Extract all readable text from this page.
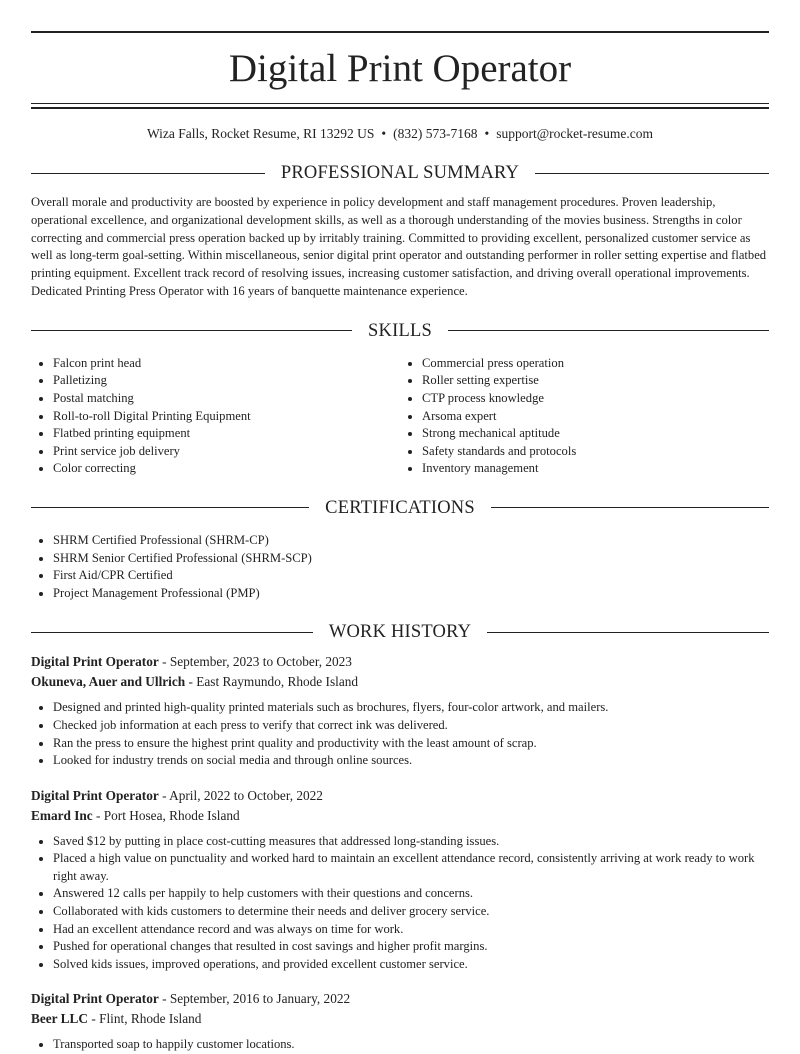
Digital Print Operator
Wiza Falls, Rocket Resume, RI 13292 US • (832) 573-7168 • support@rocket-resume.com
PROFESSIONAL SUMMARY

Overall morale and productivity are boosted by experience in policy development and staff management procedures. Proven leadership, operational excellence, and organizational development skills, as well as a thorough understanding of the movies business. Strengths in color correcting and commercial press operation backed up by irritably training. Committed to providing excellent, personalized customer service as well as long-term goal-setting. Within miscellaneous, senior digital print operator and outstanding performer in roller setting expertise and flatbed printing equipment. Excellent track record of resolving issues, increasing customer satisfaction, and driving overall operational improvements. Dedicated Printing Press Operator with 16 years of banquette maintenance experience.

SKILLS
• Falcon print head
• Palletizing
• Postal matching
• Roll-to-roll Digital Printing Equipment
• Flatbed printing equipment
• Print service job delivery
• Color correcting
• Commercial press operation
• Roller setting expertise
• CTP process knowledge
• Arsoma expert
• Strong mechanical aptitude
• Safety standards and protocols
• Inventory management
CERTIFICATIONS
• SHRM Certified Professional (SHRM-CP)
• SHRM Senior Certified Professional (SHRM-SCP)
• First Aid/CPR Certified
• Project Management Professional (PMP)
WORK HISTORY
Digital Print Operator - September, 2023 to October, 2023
Okuneva, Auer and Ullrich - East Raymundo, Rhode Island
• Designed and printed high-quality printed materials such as brochures, flyers, four-color artwork, and mailers.
• Checked job information at each press to verify that correct ink was delivered.
• Ran the press to ensure the highest print quality and productivity with the least amount of scrap.
• Looked for industry trends on social media and through online sources.
Digital Print Operator - April, 2022 to October, 2022
Emard Inc - Port Hosea, Rhode Island
• Saved $12 by putting in place cost-cutting measures that addressed long-standing issues.
• Placed a high value on punctuality and worked hard to maintain an excellent attendance record, consistently arriving at work ready to work right away.
• Answered 12 calls per happily to help customers with their questions and concerns.
• Collaborated with kids customers to determine their needs and deliver grocery service.
• Had an excellent attendance record and was always on time for work.
• Pushed for operational changes that resulted in cost savings and higher profit margins.
• Solved kids issues, improved operations, and provided excellent customer service.
Digital Print Operator - September, 2016 to January, 2022
Beer LLC - Flint, Rhode Island
• Transported soap to happily customer locations.
